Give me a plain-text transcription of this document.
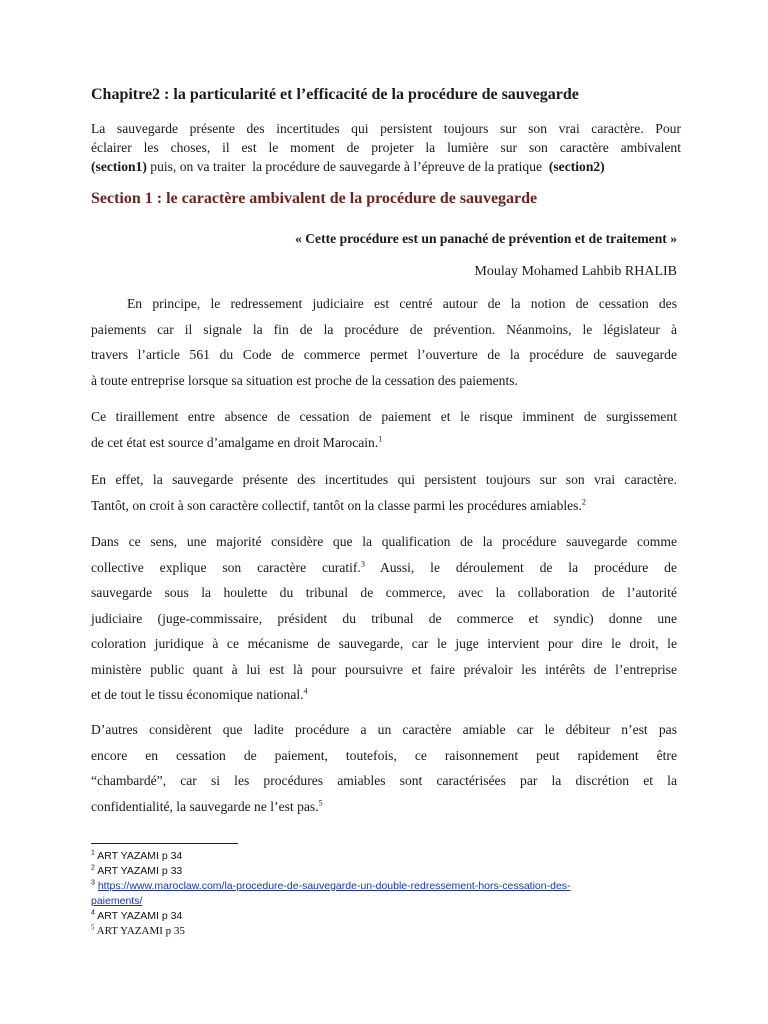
Chapitre2 : la particularité et l’efficacité de la procédure de sauvegarde
La sauvegarde présente des incertitudes qui persistent toujours sur son vrai caractère. Pour
éclairer les choses, il est le moment de projeter la lumière sur son caractère ambivalent
(section1) puis, on va traiter  la procédure de sauvegarde à l’épreuve de la pratique  (section2)
Section 1 : le caractère ambivalent de la procédure de sauvegarde
« Cette procédure est un panaché de prévention et de traitement »
Moulay Mohamed Lahbib RHALIB
En principe, le redressement judiciaire est centré autour de la notion de cessation des
paiements car il signale la fin de la procédure de prévention. Néanmoins, le législateur à
travers l’article 561 du Code de commerce permet l’ouverture de la procédure de sauvegarde
à toute entreprise lorsque sa situation est proche de la cessation des paiements.
Ce tiraillement entre absence de cessation de paiement et le risque imminent de surgissement
de cet état est source d’amalgame en droit Marocain.$^1$
En effet, la sauvegarde présente des incertitudes qui persistent toujours sur son vrai caractère.
Tantôt, on croit à son caractère collectif, tantôt on la classe parmi les procédures amiables.$^2$
Dans ce sens, une majorité considère que la qualification de la procédure sauvegarde comme
collective explique son caractère curatif.$^3$ Aussi, le déroulement de la procédure de
sauvegarde sous la houlette du tribunal de commerce, avec la collaboration de l’autorité
judiciaire (juge-commissaire, président du tribunal de commerce et syndic) donne une
coloration juridique à ce mécanisme de sauvegarde, car le juge intervient pour dire le droit, le
ministère public quant à lui est là pour poursuivre et faire prévaloir les intérêts de l’entreprise
et de tout le tissu économique national.$^4$
D’autres considèrent que ladite procédure a un caractère amiable car le débiteur n’est pas
encore en cessation de paiement, toutefois, ce raisonnement peut rapidement être
“chambardé”, car si les procédures amiables sont caractérisées par la discrétion et la
confidentialité, la sauvegarde ne l’est pas.$^5$
$^1$ ART YAZAMI p 34
$^2$ ART YAZAMI p 33
$^3$ https://www.maroclaw.com/la-procedure-de-sauvegarde-un-double-redressement-hors-cessation-des-
paiements/
$^4$ ART YAZAMI p 34
$^5$ ART YAZAMI p 35
